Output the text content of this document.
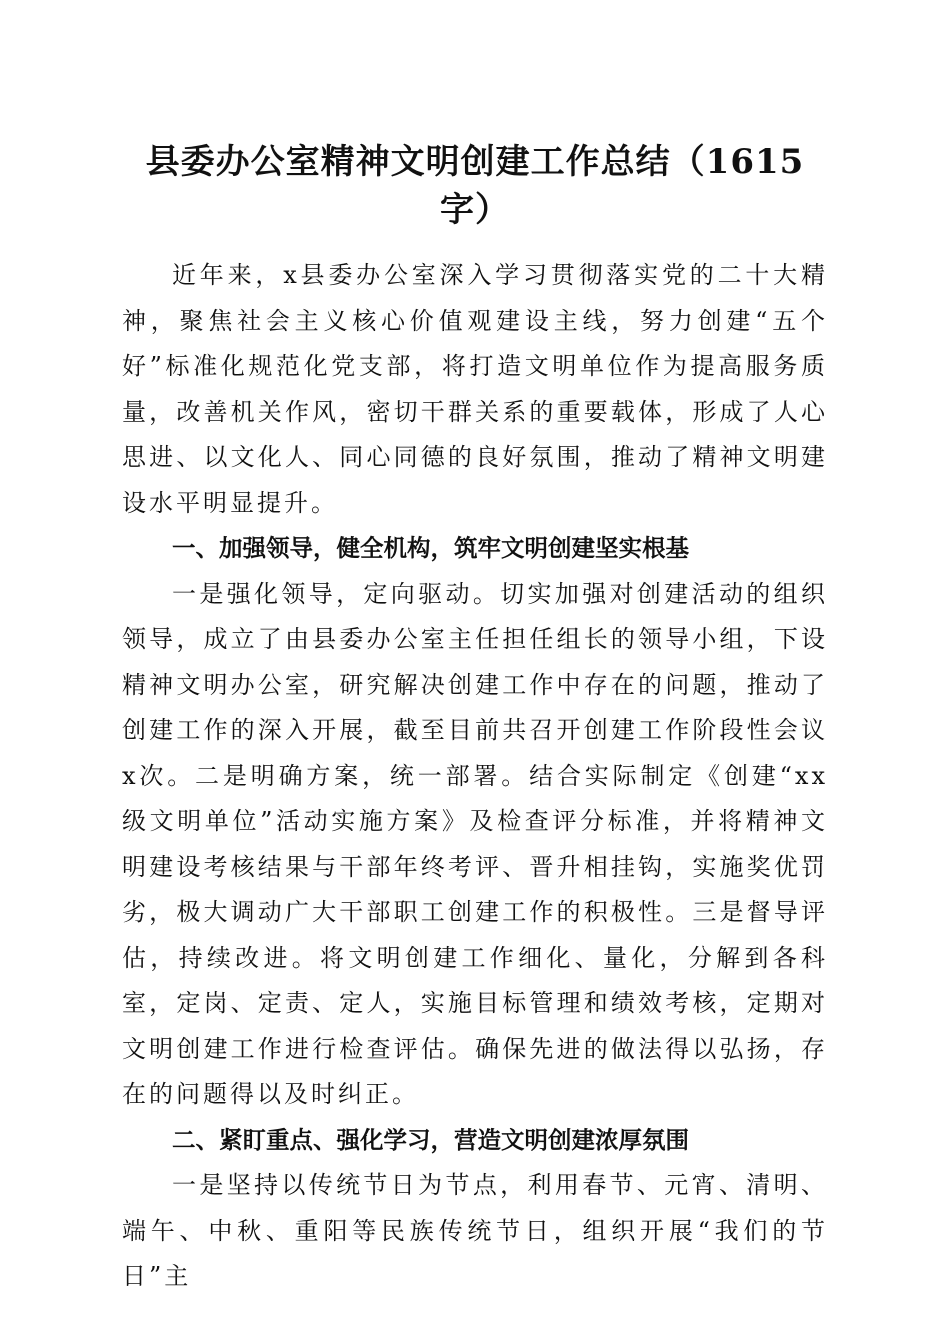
县委办公室精神文明创建工作总结（1615字）

近年来，x县委办公室深入学习贯彻落实党的二十大精神，聚焦社会主义核心价值观建设主线，努力创建“五个好”标准化规范化党支部，将打造文明单位作为提高服务质量，改善机关作风，密切干群关系的重要载体，形成了人心思进、以文化人、同心同德的良好氛围，推动了精神文明建设水平明显提升。

一、加强领导，健全机构，筑牢文明创建坚实根基

一是强化领导，定向驱动。切实加强对创建活动的组织领导，成立了由县委办公室主任担任组长的领导小组，下设精神文明办公室，研究解决创建工作中存在的问题，推动了创建工作的深入开展，截至目前共召开创建工作阶段性会议x次。二是明确方案，统一部署。结合实际制定《创建“xx级文明单位”活动实施方案》及检查评分标准，并将精神文明建设考核结果与干部年终考评、晋升相挂钩，实施奖优罚劣，极大调动广大干部职工创建工作的积极性。三是督导评估，持续改进。将文明创建工作细化、量化，分解到各科室，定岗、定责、定人，实施目标管理和绩效考核，定期对文明创建工作进行检查评估。确保先进的做法得以弘扬，存在的问题得以及时纠正。

二、紧盯重点、强化学习，营造文明创建浓厚氛围

一是坚持以传统节日为节点，利用春节、元宵、清明、端午、中秋、重阳等民族传统节日，组织开展“我们的节日”主
